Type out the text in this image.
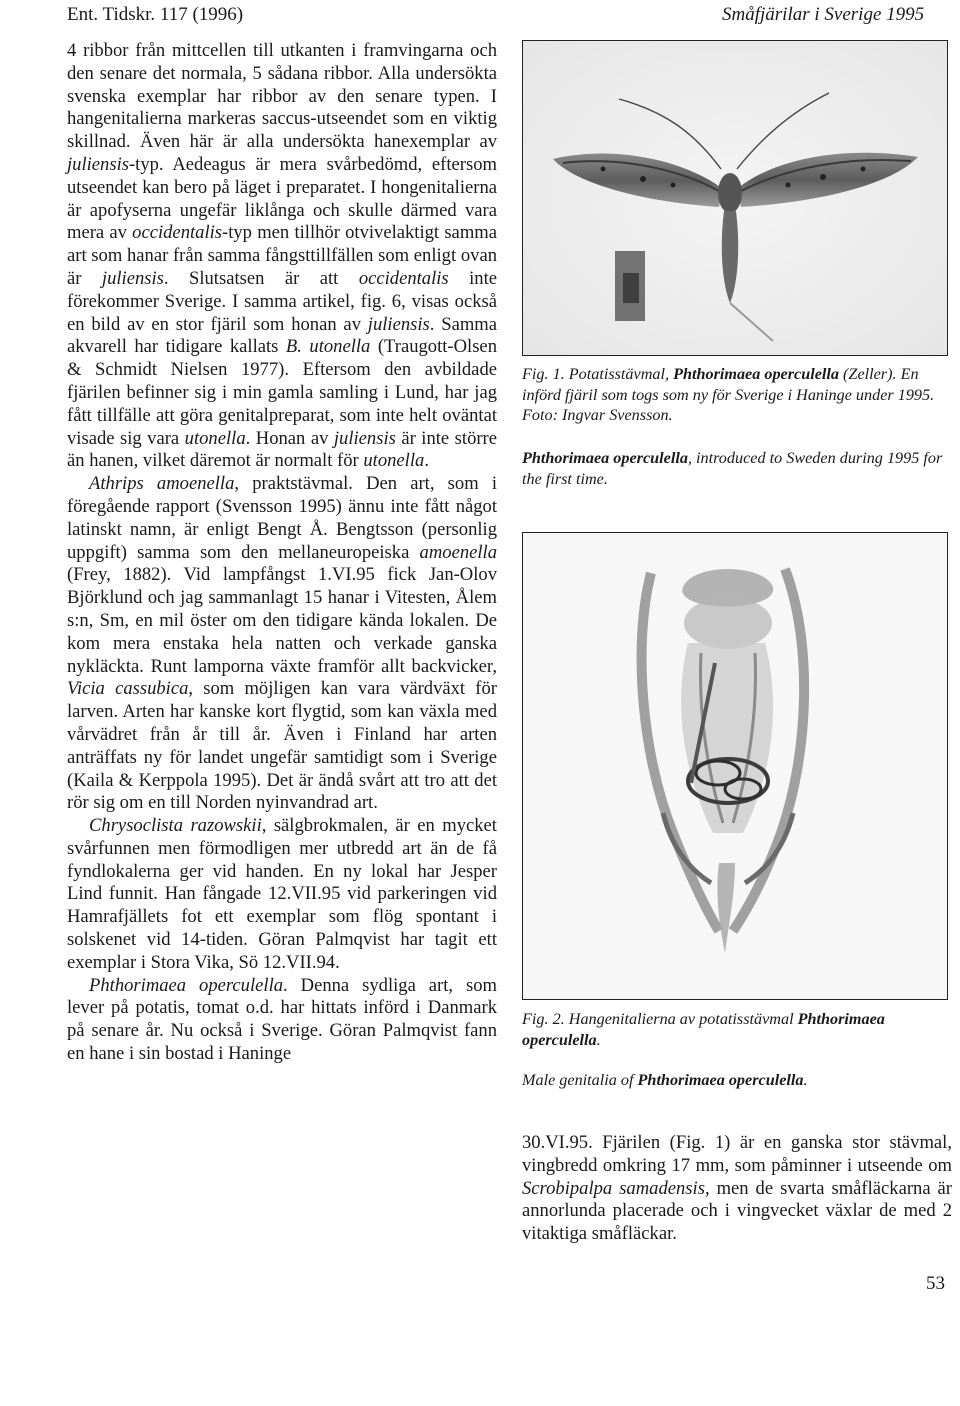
Ent. Tidskr. 117 (1996)	Småfjärilar i Sverige 1995

4 ribbor från mittcellen till utkanten i framvingarna och den senare det normala, 5 sådana ribbor. Alla undersökta svenska exemplar har ribbor av den senare typen. I hangenitalierna markeras saccus-utseendet som en viktig skillnad. Även här är alla undersökta hanexemplar av juliensis-typ. Aedeagus är mera svårbedömd, eftersom utseendet kan bero på läget i preparatet. I hongenitalierna är apofyserna ungefär liklånga och skulle därmed vara mera av occidentalis-typ men tillhör otvivelaktigt samma art som hanar från samma fångsttillfällen som enligt ovan är juliensis. Slutsatsen är att occidentalis inte förekommer Sverige. I samma artikel, fig. 6, visas också en bild av en stor fjäril som honan av juliensis. Samma akvarell har tidigare kallats B. utonella (Traugott-Olsen & Schmidt Nielsen 1977). Eftersom den avbildade fjärilen befinner sig i min gamla samling i Lund, har jag fått tillfälle att göra genitalpreparat, som inte helt oväntat visade sig vara utonella. Honan av juliensis är inte större än hanen, vilket däremot är normalt för utonella.

Athrips amoenella, praktstävmal. Den art, som i föregående rapport (Svensson 1995) ännu inte fått något latinskt namn, är enligt Bengt Å. Bengtsson (personlig uppgift) samma som den mellaneuropeiska amoenella (Frey, 1882). Vid lampfångst 1.VI.95 fick Jan-Olov Björklund och jag sammanlagt 15 hanar i Vitesten, Ålem s:n, Sm, en mil öster om den tidigare kända lokalen. De kom mera enstaka hela natten och verkade ganska nykläckta. Runt lamporna växte framför allt backvicker, Vicia cassubica, som möjligen kan vara värdväxt för larven. Arten har kanske kort flygtid, som kan växla med vårvädret från år till år. Även i Finland har arten anträffats ny för landet ungefär samtidigt som i Sverige (Kaila & Kerppola 1995). Det är ändå svårt att tro att det rör sig om en till Norden nyinvandrad art.

Chrysoclista razowskii, sälgbrokmalen, är en mycket svårfunnen men förmodligen mer utbredd art än de få fyndlokalerna ger vid handen. En ny lokal har Jesper Lind funnit. Han fångade 12.VII.95 vid parkeringen vid Hamrafjällets fot ett exemplar som flög spontant i solskenet vid 14-tiden. Göran Palmqvist har tagit ett exemplar i Stora Vika, Sö 12.VII.94.

Phthorimaea operculella. Denna sydliga art, som lever på potatis, tomat o.d. har hittats införd i Danmark på senare år. Nu också i Sverige. Göran Palmqvist fann en hane i sin bostad i Haninge

Fig. 1. Potatisstävmal, Phthorimaea operculella (Zeller). En införd fjäril som togs som ny för Sverige i Haninge under 1995. Foto: Ingvar Svensson.

Phthorimaea operculella, introduced to Sweden during 1995 for the first time.

Fig. 2. Hangenitalierna av potatisstävmal Phthorimaea operculella.

Male genitalia of Phthorimaea operculella.

30.VI.95. Fjärilen (Fig. 1) är en ganska stor stävmal, vingbredd omkring 17 mm, som påminner i utseende om Scrobipalpa samadensis, men de svarta småfläckarna är annorlunda placerade och i vingvecket växlar de med 2 vitaktiga småfläckar.

53
